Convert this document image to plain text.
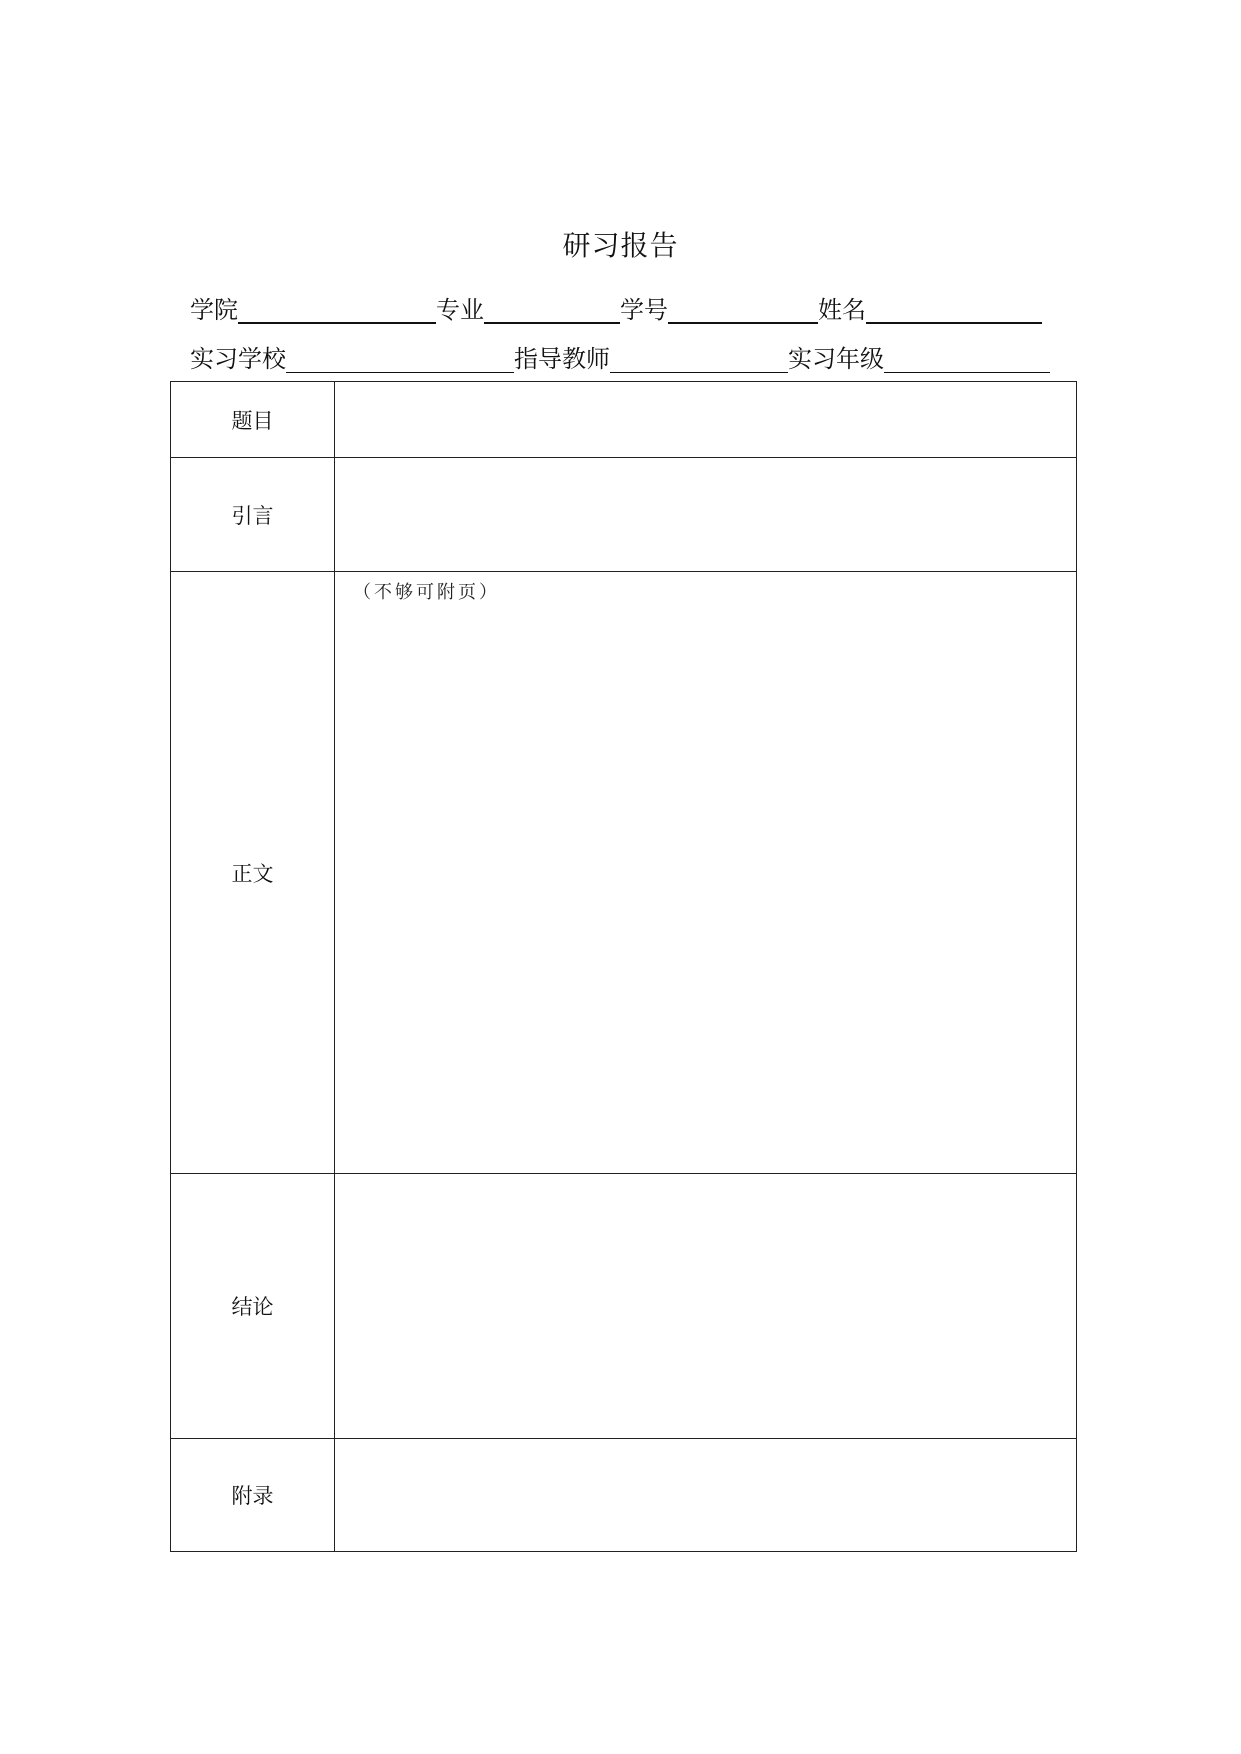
研习报告
学院	专业	学号	姓名
实习学校	指导教师	实习年级
题目	
引言	
正文	（不够可附页）

结论	
附录	
